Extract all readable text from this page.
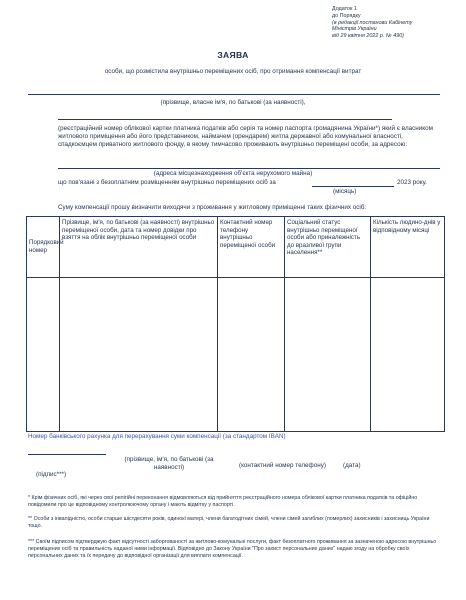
Додаток 1
до Порядку
(в редакції постанови Кабінету
Міністрів України
від 29 квітня 2022 р. № 490)
ЗАЯВА
особи, що розмістила внутрішньо переміщених осіб, про отримання компенсації витрат
(прізвище, власне ім'я, по батькові (за наявності),
(реєстраційний номер облікової картки платника податків або серія та номер паспорта громадянина України*) який є власником житлового приміщення або його представником, наймачем (орендарем) житла державної або комунальної власності, спадкоємцем приватного житлового фонду, в якому тимчасово проживають внутрішньо переміщені особи, за адресою:
(адреса місцезнаходження об'єкта нерухомого майна)
що пов'язані з безоплатним розміщенням внутрішньо переміщених осіб за	2023 року.
(місяць)
Суму компенсації прошу визначити виходячи з проживання у житловому приміщенні таких фізичних осіб:
Порядковий номер	Прізвище, ім'я, по батькові (за наявності) внутрішньо переміщеної особи, дата та номер довідки про взяття на облік внутрішньо переміщеної особи	Контактний номер телефону внутрішньо переміщеної особи	Соціальний статус внутрішньо переміщеної особи або приналежність до вразливої групи населення**	Кількість людино-днів у відповідному місяці

Номер банківського рахунка для перерахування суми компенсації (за стандартом IBAN)
(підпис***)
(прізвище, ім'я, по батькові (за наявності)	(контактний номер телефону)	(дата)
* Крім фізичних осіб, які через свої релігійні переконання відмовляються від прийняття реєстраційного номера облікової картки платника податків та офіційно повідомили про це відповідному контролюючому органу і мають відмітку у паспорті.
** Особи з інвалідністю, особи старше шістдесяти років, одинокі матері, члени багатодітних сімей, члени сімей загиблих (померлих) захисників і захисниць України тощо.
*** Своїм підписом підтверджую факт відсутності заборгованості за житлово-комунальні послуги, факт безоплатного проживання за зазначеною адресою внутрішньо переміщених осіб та правильність наданої ними інформації. Відповідно до Закону України "Про захист персональних даних" надаю згоду на обробку своїх персональних даних та їх передачу до відповідної організації для виплати компенсації.
